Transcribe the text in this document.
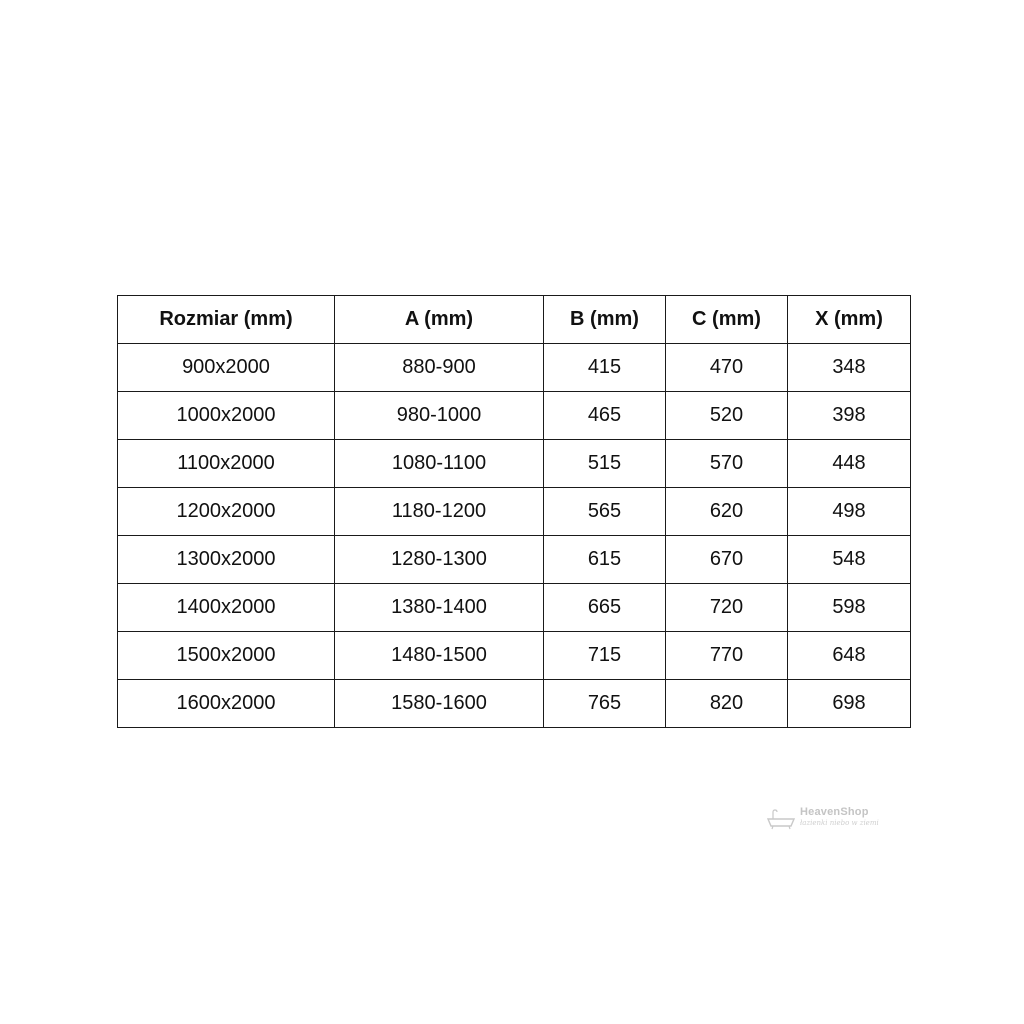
Rozmiar (mm)	A (mm)	B (mm)	C (mm)	X (mm)
900x2000	880-900	415	470	348
1000x2000	980-1000	465	520	398
1100x2000	1080-1100	515	570	448
1200x2000	1180-1200	565	620	498
1300x2000	1280-1300	615	670	548
1400x2000	1380-1400	665	720	598
1500x2000	1480-1500	715	770	648
1600x2000	1580-1600	765	820	698
HeavenShop
łazienki niebo w ziemi
